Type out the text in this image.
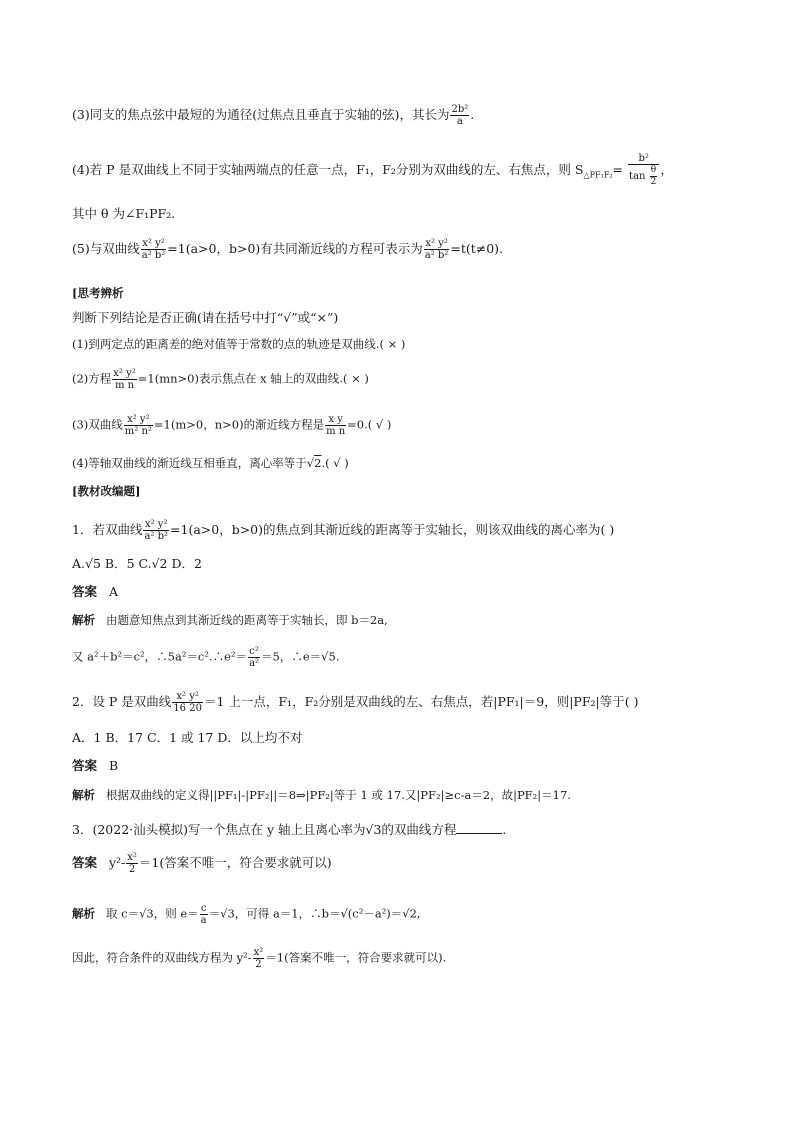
(3)同支的焦点弦中最短的为通径(过焦点且垂直于实轴的弦)，其长为 $\frac{\text{2b²}}{a}$ .
(4)若 P 是双曲线上不同于实轴两端点的任意一点，F₁，F₂分别为双曲线的左、右焦点，则 $S_{\triangle PF_1F_2}= \frac{\text{b²}}{\tan \frac{\theta}{2}}$ ，
其中 θ 为∠F₁PF₂.
(5)与双曲线 $\frac{\text{x² y²}}{\text{a² b²}} =1(a>0$，b>0)有共同渐近线的方程可表示为 $\frac{\text{x² y²}}{\text{a² b²}} =t(t\ne 0)$.
[思考辨析
判断下列结论是否正确(请在括号中打“√”或“×”)
(1)到两定点的距离差的绝对值等于常数的点的轨迹是双曲线.( × )
(2)方程 $\frac{\text{x² y²}}{\text{m n}} =1(mn>0)$表示焦点在 x 轴上的双曲线.( × )
(3)双曲线 $\frac{\text{x² y²}}{\text{m² n²}} =1(m>0$，n>0)的渐近线方程是 $\frac{\text{x y}}{\text{m n}} =0$.( √ )
(4)等轴双曲线的渐近线互相垂直，离心率等于√2.( √ )
[教材改编题]
1．若双曲线 $\frac{\text{x² y²}}{\text{a² b²}} =1(a>0$，b>0)的焦点到其渐近线的距离等于实轴长，则该双曲线的离心率为( )
A.√5 B．5 C.√2 D．2
答案 A
解析 由题意知焦点到其渐近线的距离等于实轴长，即 b＝2a,
又 a²＋b²＝c²，∴5a²＝c².∴e²＝ $\frac{\text{c²}}{\text{a²}} =5$，∴e＝√5.
2．设 P 是双曲线 $\frac{\text{x² y²}}{16 20} =1$ 上一点，F₁，F₂分别是双曲线的左、右焦点，若|PF₁|＝9，则|PF₂|等于( )
A．1 B．17 C．1 或 17 D．以上均不对
答案 B
解析 根据双曲线的定义得||PF₁|-|PF₂||＝8⇒|PF₂|等于 1 或 17.又|PF₂|≥c-a＝2，故|PF₂|＝17.
3．(2022·汕头模拟)写一个焦点在 y 轴上且离心率为√3的双曲线方程	.
答案 $y^2- \frac{\text{x²}}{2} =1$(答案不唯一，符合要求就可以)
解析 取 c＝√3，则 $e= \frac{c}{a} =√3$，可得 a＝1，∴b＝√(c²－a²)＝√2,
因此，符合条件的双曲线方程为 $y^2- \frac{\text{x²}}{2} =1$(答案不唯一，符合要求就可以).
